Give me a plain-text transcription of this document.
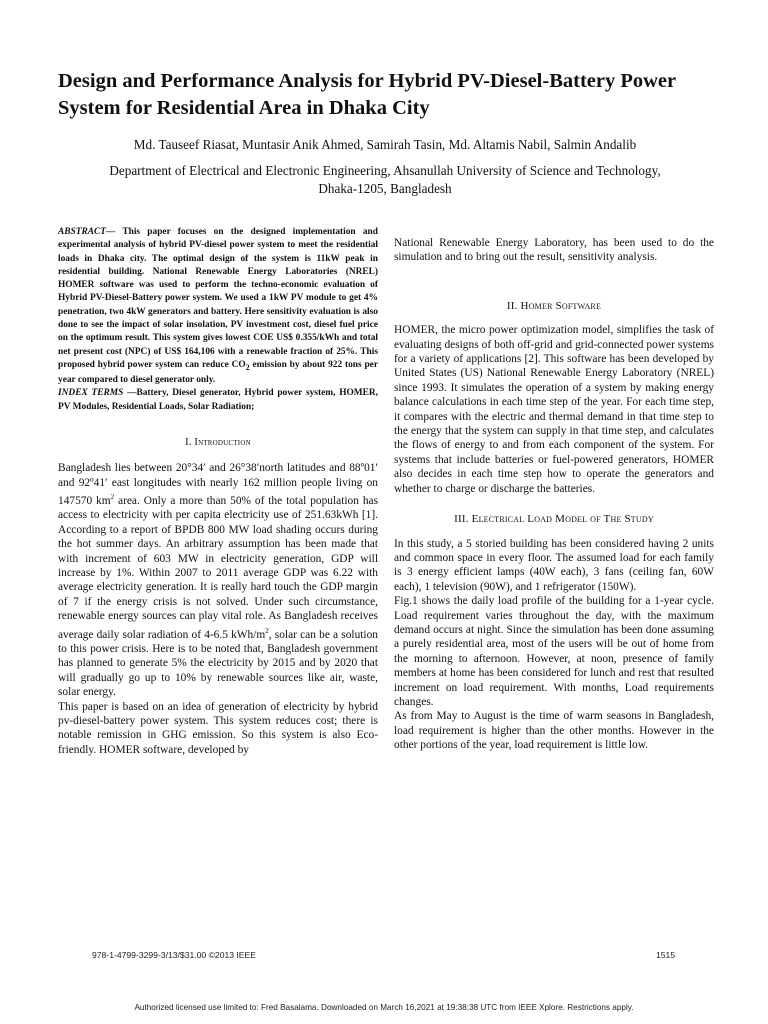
Design and Performance Analysis for Hybrid PV-Diesel-Battery Power System for Residential Area in Dhaka City
Md. Tauseef Riasat, Muntasir Anik Ahmed, Samirah Tasin, Md. Altamis Nabil, Salmin Andalib
Department of Electrical and Electronic Engineering, Ahsanullah University of Science and Technology,
Dhaka-1205, Bangladesh

ABSTRACT— This paper focuses on the designed implementation and experimental analysis of hybrid PV-diesel power system to meet the residential loads in Dhaka city. The optimal design of the system is 11kW peak in residential building. National Renewable Energy Laboratories (NREL) HOMER software was used to perform the techno-economic evaluation of Hybrid PV-Diesel-Battery power system. We used a 1kW PV module to get 4% penetration, two 4kW generators and battery. Here sensitivity evaluation is also done to see the impact of solar insolation, PV investment cost, diesel fuel price on the optimum result. This system gives lowest COE US$ 0.355/kWh and total net present cost (NPC) of US$ 164,106 with a renewable fraction of 25%. This proposed hybrid power system can reduce $CO_2$ emission by about 922 tons per year compared to diesel generator only.

INDEX TERMS —Battery, Diesel generator, Hybrid power system, HOMER, PV Modules, Residential Loads, Solar Radiation;

I. Introduction

Bangladesh lies between 20°34′ and 26°38′north latitudes and 88º01′ and 92º41′ east longitudes with nearly 162 million people living on 147570 $km^2$ area. Only a more than 50% of the total population has access to electricity with per capita electricity use of 251.63kWh [1]. According to a report of BPDB 800 MW load shading occurs during the hot summer days. An arbitrary assumption has been made that with increment of 603 MW in electricity generation, GDP will increase by 1%. Within 2007 to 2011 average GDP was 6.22 with average electricity generation. It is really hard touch the GDP margin of 7 if the energy crisis is not solved. Under such circumstance, renewable energy sources can play vital role. As Bangladesh receives average daily solar radiation of 4-6.5 kWh/$m^2$, solar can be a solution to this power crisis. Here is to be noted that, Bangladesh government has planned to generate 5% the electricity by 2015 and by 2020 that will gradually go up to 10% by renewable sources like air, waste, solar energy.

This paper is based on an idea of generation of electricity by hybrid pv-diesel-battery power system. This system reduces cost; there is notable remission in GHG emission. So this system is also Eco-friendly. HOMER software, developed by

National Renewable Energy Laboratory, has been used to do the simulation and to bring out the result, sensitivity analysis.

II. Homer Software

HOMER, the micro power optimization model, simplifies the task of evaluating designs of both off-grid and grid-connected power systems for a variety of applications [2]. This software has been developed by United States (US) National Renewable Energy Laboratory (NREL) since 1993. It simulates the operation of a system by making energy balance calculations in each time step of the year. For each time step, it compares with the electric and thermal demand in that time step to the energy that the system can supply in that time step, and calculates the flows of energy to and from each component of the system. For systems that include batteries or fuel-powered generators, HOMER also decides in each time step how to operate the generators and whether to charge or discharge the batteries.

III. Electrical Load Model of The Study

In this study, a 5 storied building has been considered having 2 units and common space in every floor. The assumed load for each family is 3 energy efficient lamps (40W each), 3 fans (ceiling fan, 60W each), 1 television (90W), and 1 refrigerator (150W).

Fig.1 shows the daily load profile of the building for a 1-year cycle. Load requirement varies throughout the day, with the maximum demand occurs at night. Since the simulation has been done assuming a purely residential area, most of the users will be out of home from the morning to afternoon. However, at noon, presence of family members at home has been considered for lunch and rest that resulted increment on load requirement. With months, Load requirements changes.

As from May to August is the time of warm seasons in Bangladesh, load requirement is higher than the other months. However in the other portions of the year, load requirement is little low.

978-1-4799-3299-3/13/$31.00 ©2013 IEEE	1515
Authorized licensed use limited to: Fred Basalama. Downloaded on March 16,2021 at 19:38:38 UTC from IEEE Xplore. Restrictions apply.
